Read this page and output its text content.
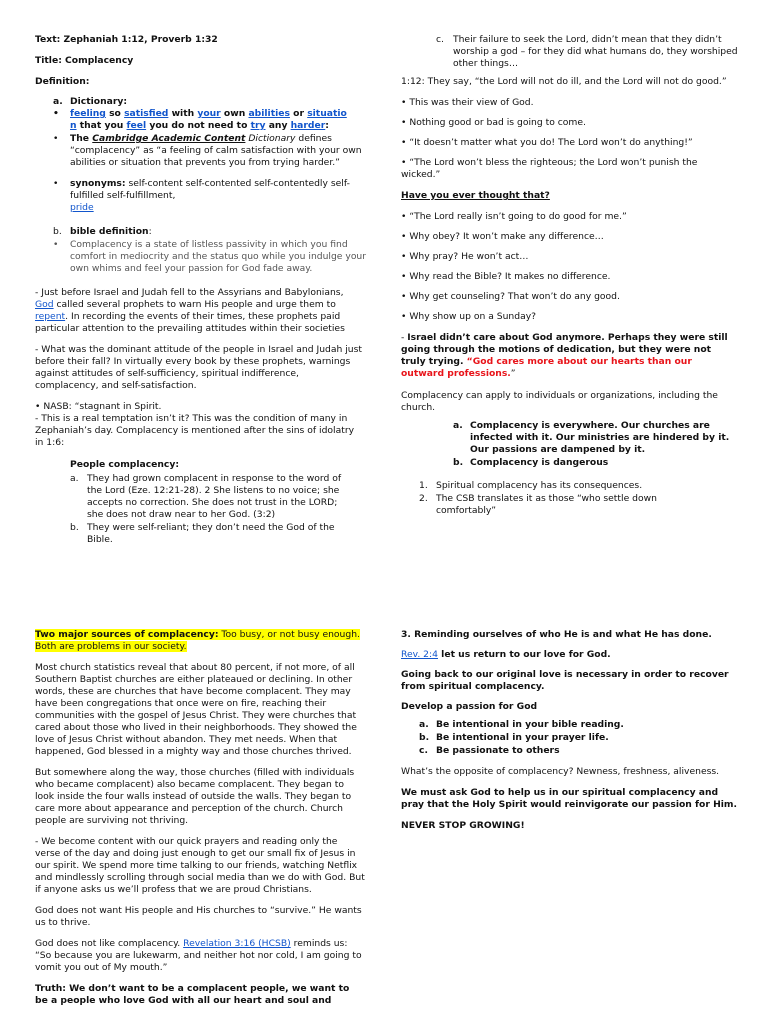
Text: Zephaniah 1:12, Proverb 1:32

Title: Complacency

Definition:

a. Dictionary:
• feeling so satisfied with your own abilities or situatio
n that you feel you do not need to try any harder:
• The Cambridge Academic Content Dictionary defines “complacency” as “a feeling of calm satisfaction with your own abilities or situation that prevents you from trying harder.”
• synonyms: self-content self-contented self-contentedly self-fulfilled self-fulfillment,
pride
b. bible definition:
• Complacency is a state of listless passivity in which you find comfort in mediocrity and the status quo while you indulge your own whims and feel your passion for God fade away.

- Just before Israel and Judah fell to the Assyrians and Babylonians, God called several prophets to warn His people and urge them to repent. In recording the events of their times, these prophets paid particular attention to the prevailing attitudes within their societies

- What was the dominant attitude of the people in Israel and Judah just before their fall? In virtually every book by these prophets, warnings against attitudes of self-sufficiency, spiritual indifference, complacency, and self-satisfaction.

• NASB: “stagnant in Spirit.
- This is a real temptation isn’t it? This was the condition of many in Zephaniah’s day. Complacency is mentioned after the sins of idolatry in 1:6:

People complacency:
a. They had grown complacent in response to the word of the Lord (Eze. 12:21-28). 2 She listens to no voice; she accepts no correction. She does not trust in the LORD; she does not draw near to her God. (3:2)
b. They were self-reliant; they don’t need the God of the Bible.
c. Their failure to seek the Lord, didn’t mean that they didn’t worship a god – for they did what humans do, they worshiped other things…

1:12: They say, “the Lord will not do ill, and the Lord will not do good.”

• This was their view of God.

• Nothing good or bad is going to come.

• “It doesn’t matter what you do! The Lord won’t do anything!”

• “The Lord won’t bless the righteous; the Lord won’t punish the wicked.”

Have you ever thought that?

• “The Lord really isn’t going to do good for me.”

• Why obey? It won’t make any difference…

• Why pray? He won’t act…

• Why read the Bible? It makes no difference.

• Why get counseling? That won’t do any good.

• Why show up on a Sunday?

- Israel didn’t care about God anymore. Perhaps they were still going through the motions of dedication, but they were not truly trying. “God cares more about our hearts than our outward professions.”

Complacency can apply to individuals or organizations, including the church.

a. Complacency is everywhere. Our churches are infected with it. Our ministries are hindered by it. Our passions are dampened by it.
b. Complacency is dangerous
1. Spiritual complacency has its consequences.
2. The CSB translates it as those “who settle down comfortably”

Two major sources of complacency: Too busy, or not busy enough. Both are problems in our society.

Most church statistics reveal that about 80 percent, if not more, of all Southern Baptist churches are either plateaued or declining. In other words, these are churches that have become complacent. They may have been congregations that once were on fire, reaching their communities with the gospel of Jesus Christ. They were churches that cared about those who lived in their neighborhoods. They showed the love of Jesus Christ without abandon. They met needs. When that happened, God blessed in a mighty way and those churches thrived.

But somewhere along the way, those churches (filled with individuals who became complacent) also became complacent. They began to look inside the four walls instead of outside the walls. They began to care more about appearance and perception of the church. Church people are surviving not thriving.

- We become content with our quick prayers and reading only the verse of the day and doing just enough to get our small fix of Jesus in our spirit. We spend more time talking to our friends, watching Netflix and mindlessly scrolling through social media than we do with God. But if anyone asks us we’ll profess that we are proud Christians.

God does not want His people and His churches to “survive.” He wants us to thrive.

God does not like complacency. Revelation 3:16 (HCSB) reminds us: “So because you are lukewarm, and neither hot nor cold, I am going to vomit you out of My mouth.”

Truth: We don’t want to be a complacent people, we want to be a people who love God with all our heart and soul and

3. Reminding ourselves of who He is and what He has done.

Rev. 2:4 let us return to our love for God.

Going back to our original love is necessary in order to recover from spiritual complacency.

Develop a passion for God

a. Be intentional in your bible reading.
b. Be intentional in your prayer life.
c. Be passionate to others

What’s the opposite of complacency? Newness, freshness, aliveness.

We must ask God to help us in our spiritual complacency and pray that the Holy Spirit would reinvigorate our passion for Him.

NEVER STOP GROWING!
